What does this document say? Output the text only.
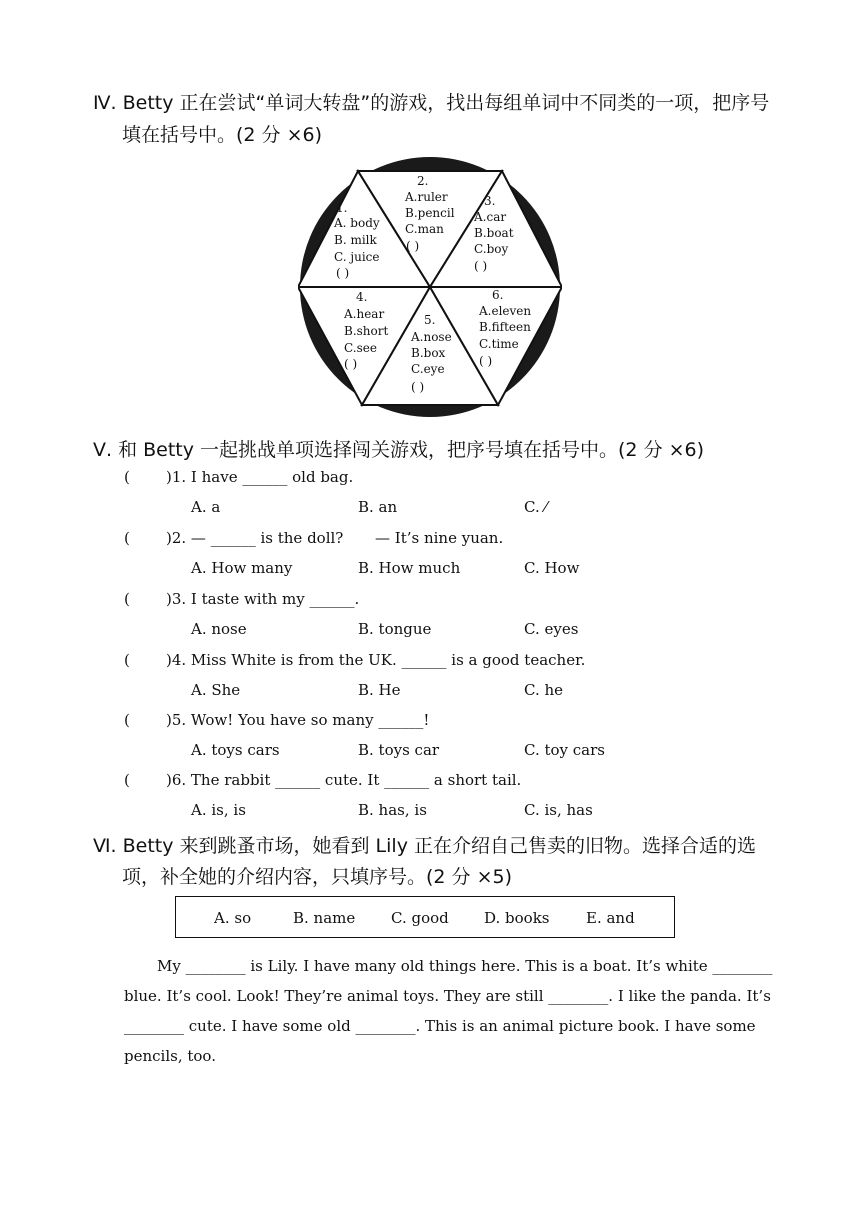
Ⅳ. Betty 正在尝试“单词大转盘”的游戏，找出每组单词中不同类的一项，把序号
填在括号中。(2 分 ×6)
1.
A. body
B. milk
C. juice
( )
2.
A.ruler
B.pencil
C.man
( )
3.
A.car
B.boat
C.boy
( )
4.
A.hear
B.short
C.see
( )
5.
A.nose
B.box
C.eye
( )
6.
A.eleven
B.fifteen
C.time
( )
Ⅴ. 和 Betty 一起挑战单项选择闯关游戏，把序号填在括号中。(2 分 ×6)
( )1. I have ______ old bag.
A. a	B. an	C. ⁄
( )2. — ______ is the doll? — It’s nine yuan.
A. How many	B. How much	C. How
( )3. I taste with my ______.
A. nose	B. tongue	C. eyes
( )4. Miss White is from the UK. ______ is a good teacher.
A. She	B. He	C. he
( )5. Wow! You have so many ______!
A. toys cars	B. toys car	C. toy cars
( )6. The rabbit ______ cute. It ______ a short tail.
A. is, is	B. has, is	C. is, has
Ⅵ. Betty 来到跳蚤市场，她看到 Lily 正在介绍自己售卖的旧物。选择合适的选
项，补全她的介绍内容，只填序号。(2 分 ×5)
A. so	B. name C. good D. books E. and
My ________ is Lily. I have many old things here. This is a boat. It’s white ________
blue. It’s cool. Look! They’re animal toys. They are still ________. I like the panda. It’s
________ cute. I have some old ________. This is an animal picture book. I have some
pencils, too.
